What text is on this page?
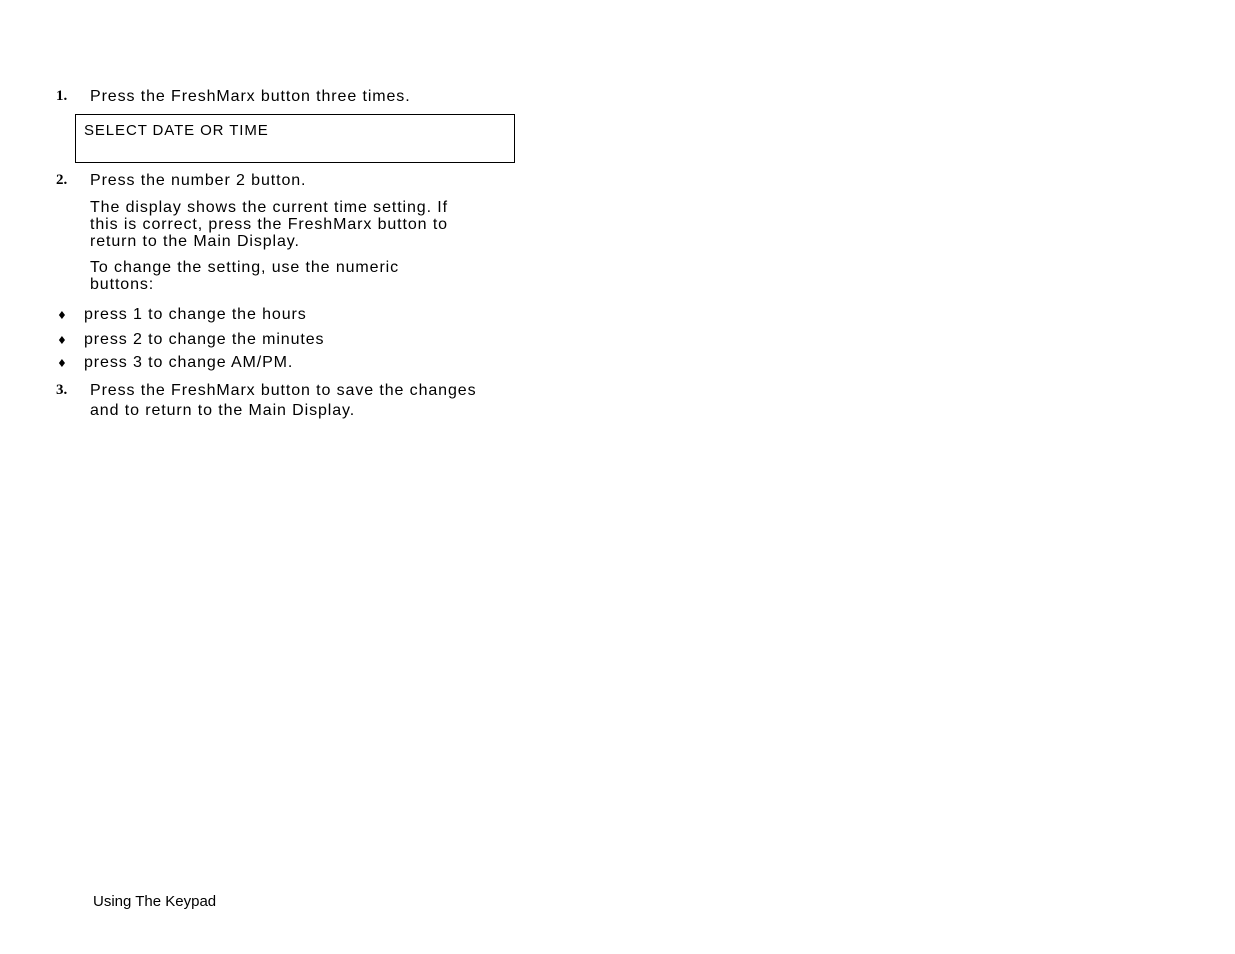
1. Press the FreshMarx button three times.
SELECT DATE OR TIME
2. Press the number 2 button.
The display shows the current time setting. If
this is correct, press the FreshMarx button to
return to the Main Display.
To change the setting, use the numeric
buttons:
♦ press 1 to change the hours
♦ press 2 to change the minutes
♦ press 3 to change AM/PM.
3. Press the FreshMarx button to save the changes
and to return to the Main Display.
Using The Keypad
